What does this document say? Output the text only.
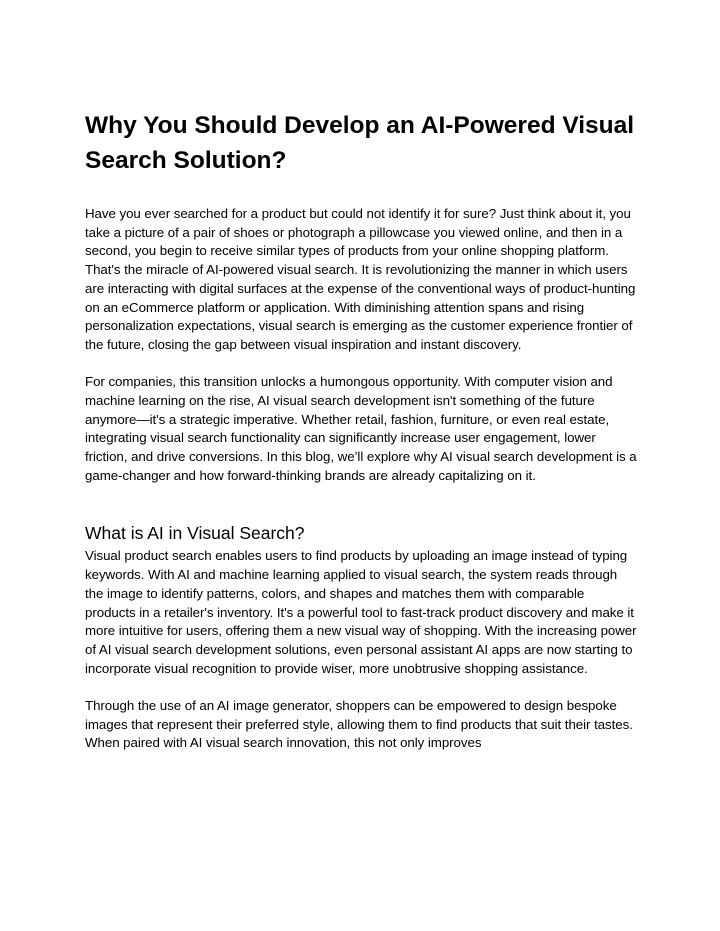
Why You Should Develop an AI-Powered Visual Search Solution?

Have you ever searched for a product but could not identify it for sure? Just think about it, you take a picture of a pair of shoes or photograph a pillowcase you viewed online, and then in a second, you begin to receive similar types of products from your online shopping platform. That's the miracle of AI-powered visual search. It is revolutionizing the manner in which users are interacting with digital surfaces at the expense of the conventional ways of product-hunting on an eCommerce platform or application. With diminishing attention spans and rising personalization expectations, visual search is emerging as the customer experience frontier of the future, closing the gap between visual inspiration and instant discovery.

For companies, this transition unlocks a humongous opportunity. With computer vision and machine learning on the rise, AI visual search development isn't something of the future anymore—it's a strategic imperative. Whether retail, fashion, furniture, or even real estate, integrating visual search functionality can significantly increase user engagement, lower friction, and drive conversions. In this blog, we’ll explore why AI visual search development is a game-changer and how forward-thinking brands are already capitalizing on it.

What is AI in Visual Search?

Visual product search enables users to find products by uploading an image instead of typing keywords. With AI and machine learning applied to visual search, the system reads through the image to identify patterns, colors, and shapes and matches them with comparable products in a retailer's inventory. It's a powerful tool to fast-track product discovery and make it more intuitive for users, offering them a new visual way of shopping. With the increasing power of AI visual search development solutions, even personal assistant AI apps are now starting to incorporate visual recognition to provide wiser, more unobtrusive shopping assistance.

Through the use of an AI image generator, shoppers can be empowered to design bespoke images that represent their preferred style, allowing them to find products that suit their tastes. When paired with AI visual search innovation, this not only improves
